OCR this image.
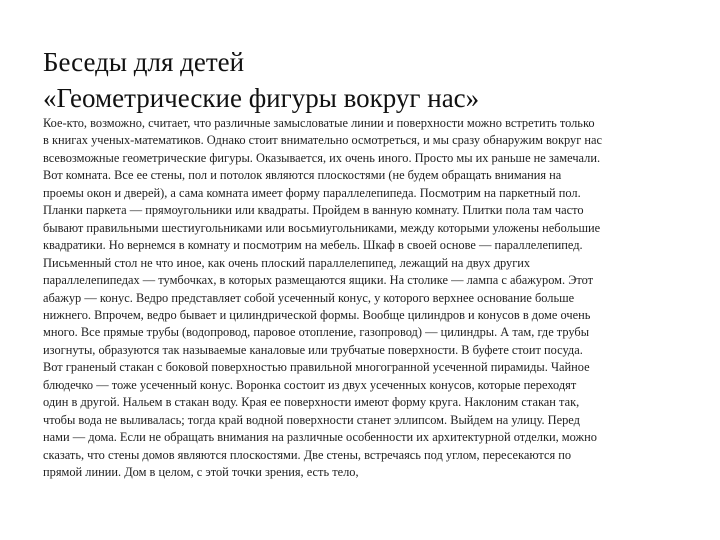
Беседы для детей
«Геометрические фигуры вокруг нас»
Кое-кто, возможно, считает, что различные замысловатые линии и поверхности можно встретить только
в книгах ученых-математиков. Однако стоит внимательно осмотреться, и мы сразу обнаружим вокруг нас
всевозможные геометрические фигуры. Оказывается, их очень иного. Просто мы их раньше не замечали.
Вот комната. Все ее стены, пол и потолок являются плоскостями (не будем обращать внимания на
проемы окон и дверей), а сама комната имеет форму параллелепипеда. Посмотрим на паркетный пол.
Планки паркета — прямоугольники или квадраты. Пройдем в ванную комнату. Плитки пола там часто
бывают правильными шестиугольниками или восьмиугольниками, между которыми уложены небольшие
квадратики. Но вернемся в комнату и посмотрим на мебель. Шкаф в своей основе — параллелепипед.
Письменный стол не что иное, как очень плоский параллелепипед, лежащий на двух других
параллелепипедах — тумбочках, в которых размещаются ящики. На столике — лампа с абажуром. Этот
абажур — конус. Ведро представляет собой усеченный конус, у которого верхнее основание больше
нижнего. Впрочем, ведро бывает и цилиндрической формы. Вообще цилиндров и конусов в доме очень
много. Все прямые трубы (водопровод, паровое отопление, газопровод) — цилиндры. А там, где трубы
изогнуты, образуются так называемые каналовые или трубчатые поверхности. В буфете стоит посуда.
Вот граненый стакан с боковой поверхностью правильной многогранной усеченной пирамиды. Чайное
блюдечко — тоже усеченный конус. Воронка состоит из двух усеченных конусов, которые переходят
один в другой. Нальем в стакан воду. Края ее поверхности имеют форму круга. Наклоним стакан так,
чтобы вода не выливалась; тогда край водной поверхности станет эллипсом. Выйдем на улицу. Перед
нами — дома. Если не обращать внимания на различные особенности их архитектурной отделки, можно
сказать, что стены домов являются плоскостями. Две стены, встречаясь под углом, пересекаются по
прямой линии. Дом в целом, с этой точки зрения, есть тело,
